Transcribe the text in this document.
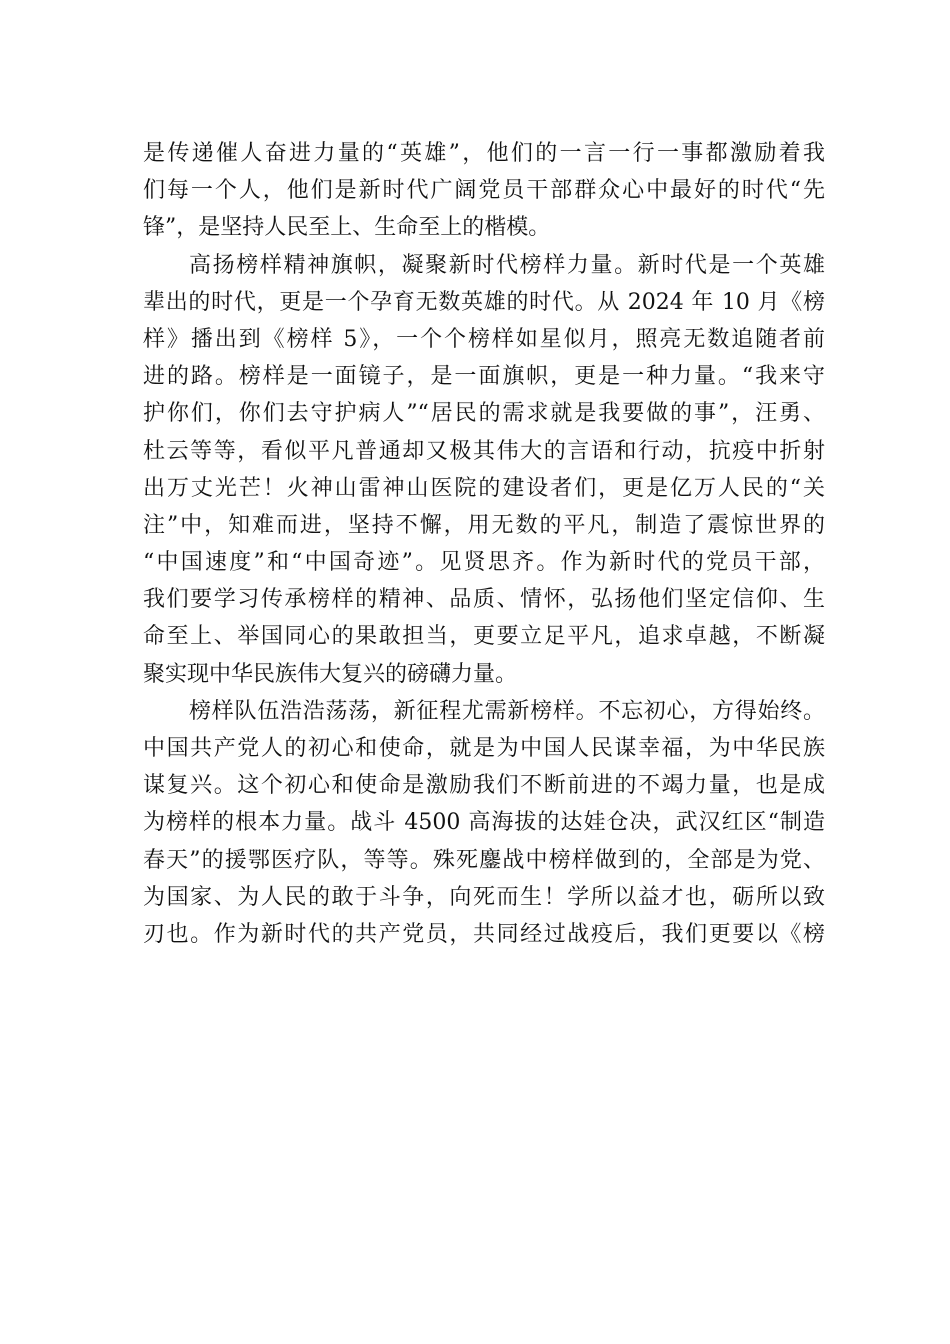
是传递催人奋进力量的“英雄”，他们的一言一行一事都激励着我
们每一个人，他们是新时代广阔党员干部群众心中最好的时代“先
锋”，是坚持人民至上、生命至上的楷模。
高扬榜样精神旗帜，凝聚新时代榜样力量。新时代是一个英雄
辈出的时代，更是一个孕育无数英雄的时代。从 2024 年 10 月《榜
样》播出到《榜样 5》，一个个榜样如星似月，照亮无数追随者前
进的路。榜样是一面镜子，是一面旗帜，更是一种力量。“我来守
护你们，你们去守护病人”“居民的需求就是我要做的事”，汪勇、
杜云等等，看似平凡普通却又极其伟大的言语和行动，抗疫中折射
出万丈光芒！火神山雷神山医院的建设者们，更是亿万人民的“关
注”中，知难而进，坚持不懈，用无数的平凡，制造了震惊世界的
“中国速度”和“中国奇迹”。见贤思齐。作为新时代的党员干部，
我们要学习传承榜样的精神、品质、情怀，弘扬他们坚定信仰、生
命至上、举国同心的果敢担当，更要立足平凡，追求卓越，不断凝
聚实现中华民族伟大复兴的磅礴力量。
榜样队伍浩浩荡荡，新征程尤需新榜样。不忘初心，方得始终。
中国共产党人的初心和使命，就是为中国人民谋幸福，为中华民族
谋复兴。这个初心和使命是激励我们不断前进的不竭力量，也是成
为榜样的根本力量。战斗 4500 高海拔的达娃仓决，武汉红区“制造
春天”的援鄂医疗队，等等。殊死鏖战中榜样做到的，全部是为党、
为国家、为人民的敢于斗争，向死而生！学所以益才也，砺所以致
刃也。作为新时代的共产党员，共同经过战疫后，我们更要以《榜
